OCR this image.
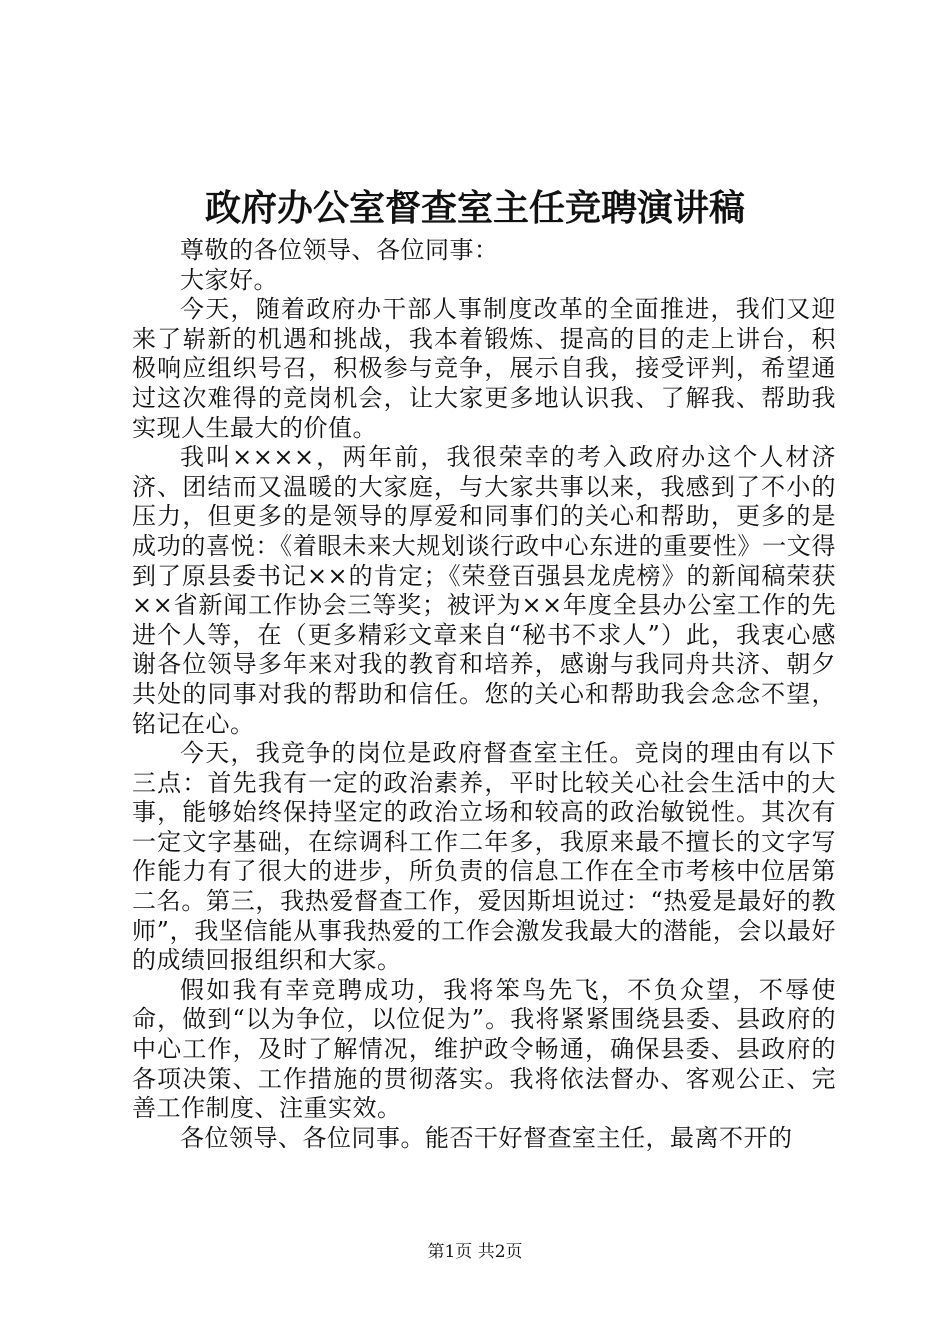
政府办公室督查室主任竞聘演讲稿

尊敬的各位领导、各位同事：

大家好。

今天，随着政府办干部人事制度改革的全面推进，我们又迎来了崭新的机遇和挑战，我本着锻炼、提高的目的走上讲台，积极响应组织号召，积极参与竞争，展示自我，接受评判，希望通过这次难得的竞岗机会，让大家更多地认识我、了解我、帮助我实现人生最大的价值。

我叫××××，两年前，我很荣幸的考入政府办这个人材济济、团结而又温暖的大家庭，与大家共事以来，我感到了不小的压力，但更多的是领导的厚爱和同事们的关心和帮助，更多的是成功的喜悦：《着眼未来大规划谈行政中心东进的重要性》一文得到了原县委书记××的肯定；《荣登百强县龙虎榜》的新闻稿荣获××省新闻工作协会三等奖；被评为××年度全县办公室工作的先进个人等，在（更多精彩文章来自“秘书不求人”）此，我衷心感谢各位领导多年来对我的教育和培养，感谢与我同舟共济、朝夕共处的同事对我的帮助和信任。您的关心和帮助我会念念不望，铭记在心。

今天，我竞争的岗位是政府督查室主任。竞岗的理由有以下三点：首先我有一定的政治素养，平时比较关心社会生活中的大事，能够始终保持坚定的政治立场和较高的政治敏锐性。其次有一定文字基础，在综调科工作二年多，我原来最不擅长的文字写作能力有了很大的进步，所负责的信息工作在全市考核中位居第二名。第三，我热爱督查工作，爱因斯坦说过：“热爱是最好的教师”，我坚信能从事我热爱的工作会激发我最大的潜能，会以最好的成绩回报组织和大家。

假如我有幸竞聘成功，我将笨鸟先飞，不负众望，不辱使命，做到“以为争位，以位促为”。我将紧紧围绕县委、县政府的中心工作，及时了解情况，维护政令畅通，确保县委、县政府的各项决策、工作措施的贯彻落实。我将依法督办、客观公正、完善工作制度、注重实效。

各位领导、各位同事。能否干好督查室主任，最离不开的

第1页 共2页
